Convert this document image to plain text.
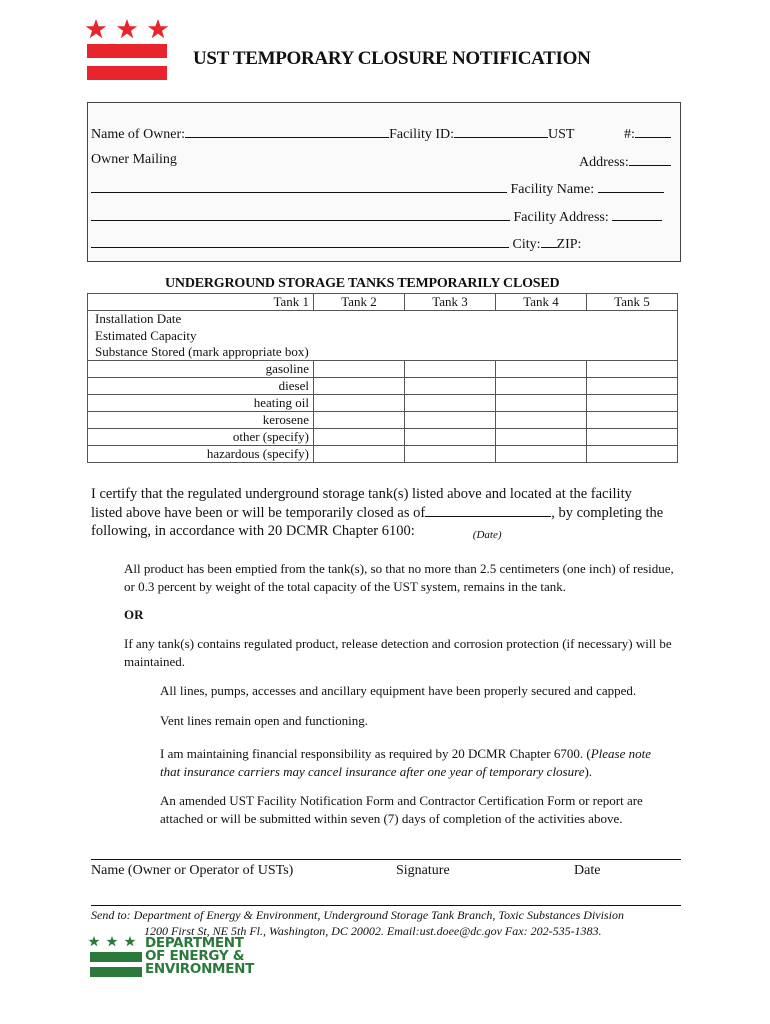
UST TEMPORARY CLOSURE NOTIFICATION
Name of Owner:	Facility ID:	UST	#:
Owner Mailing	Address:
Facility Name:
Facility Address:
City: ZIP:
UNDERGROUND STORAGE TANKS TEMPORARILY CLOSED
Tank 1	Tank 2	Tank 3	Tank 4	Tank 5
Installation Date				
Estimated Capacity				
Substance Stored (mark appropriate box)				
gasoline				
diesel				
heating oil				
kerosene				
other (specify)				
hazardous (specify)				
I certify that the regulated underground storage tank(s) listed above and located at the facility
listed above have been or will be temporarily closed as of	, by completing the
following, in accordance with 20 DCMR Chapter 6100:	$_{(Date)}$
All product has been emptied from the tank(s), so that no more than 2.5 centimeters (one inch) of residue, or 0.3 percent by weight of the total capacity of the UST system, remains in the tank.
OR
If any tank(s) contains regulated product, release detection and corrosion protection (if necessary) will be maintained.
All lines, pumps, accesses and ancillary equipment have been properly secured and capped.
Vent lines remain open and functioning.
I am maintaining financial responsibility as required by 20 DCMR Chapter 6700. (Please note that insurance carriers may cancel insurance after one year of temporary closure).
An amended UST Facility Notification Form and Contractor Certification Form or report are attached or will be submitted within seven (7) days of completion of the activities above.
Name (Owner or Operator of USTs)	Signature	Date
Send to: Department of Energy & Environment, Underground Storage Tank Branch, Toxic Substances Division
1200 First St, NE 5th Fl., Washington, DC 20002. Email:ust.doee@dc.gov Fax: 202-535-1383.
DEPARTMENT
OF ENERGY &
ENVIRONMENT
